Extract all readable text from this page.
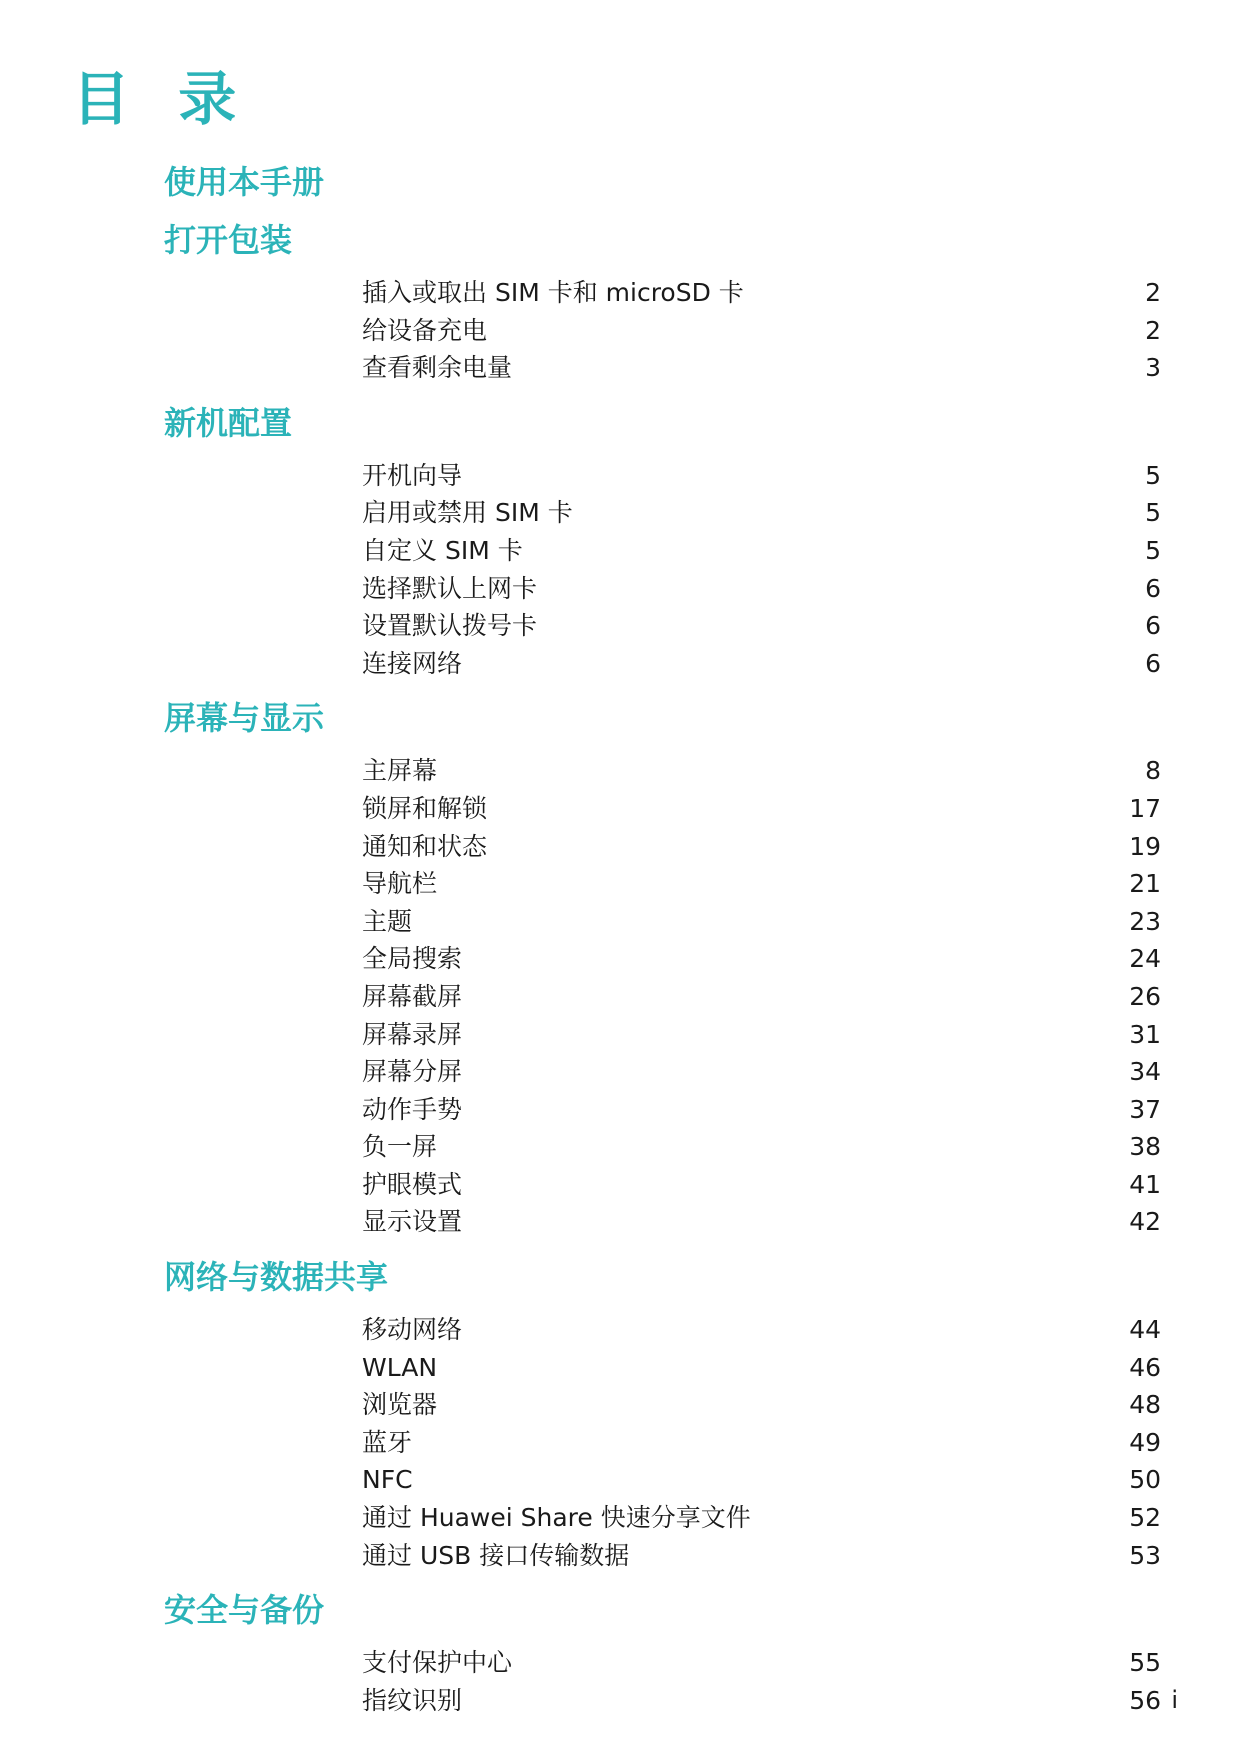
目 录
使用本手册
打开包装
插入或取出 SIM 卡和 microSD 卡	2
给设备充电	2
查看剩余电量	3
新机配置
开机向导	5
启用或禁用 SIM 卡	5
自定义 SIM 卡	5
选择默认上网卡	6
设置默认拨号卡	6
连接网络	6
屏幕与显示
主屏幕	8
锁屏和解锁	17
通知和状态	19
导航栏	21
主题	23
全局搜索	24
屏幕截屏	26
屏幕录屏	31
屏幕分屏	34
动作手势	37
负一屏	38
护眼模式	41
显示设置	42
网络与数据共享
移动网络	44
WLAN	46
浏览器	48
蓝牙	49
NFC	50
通过 Huawei Share 快速分享文件	52
通过 USB 接口传输数据	53
安全与备份
支付保护中心	55
指纹识别	56 i
